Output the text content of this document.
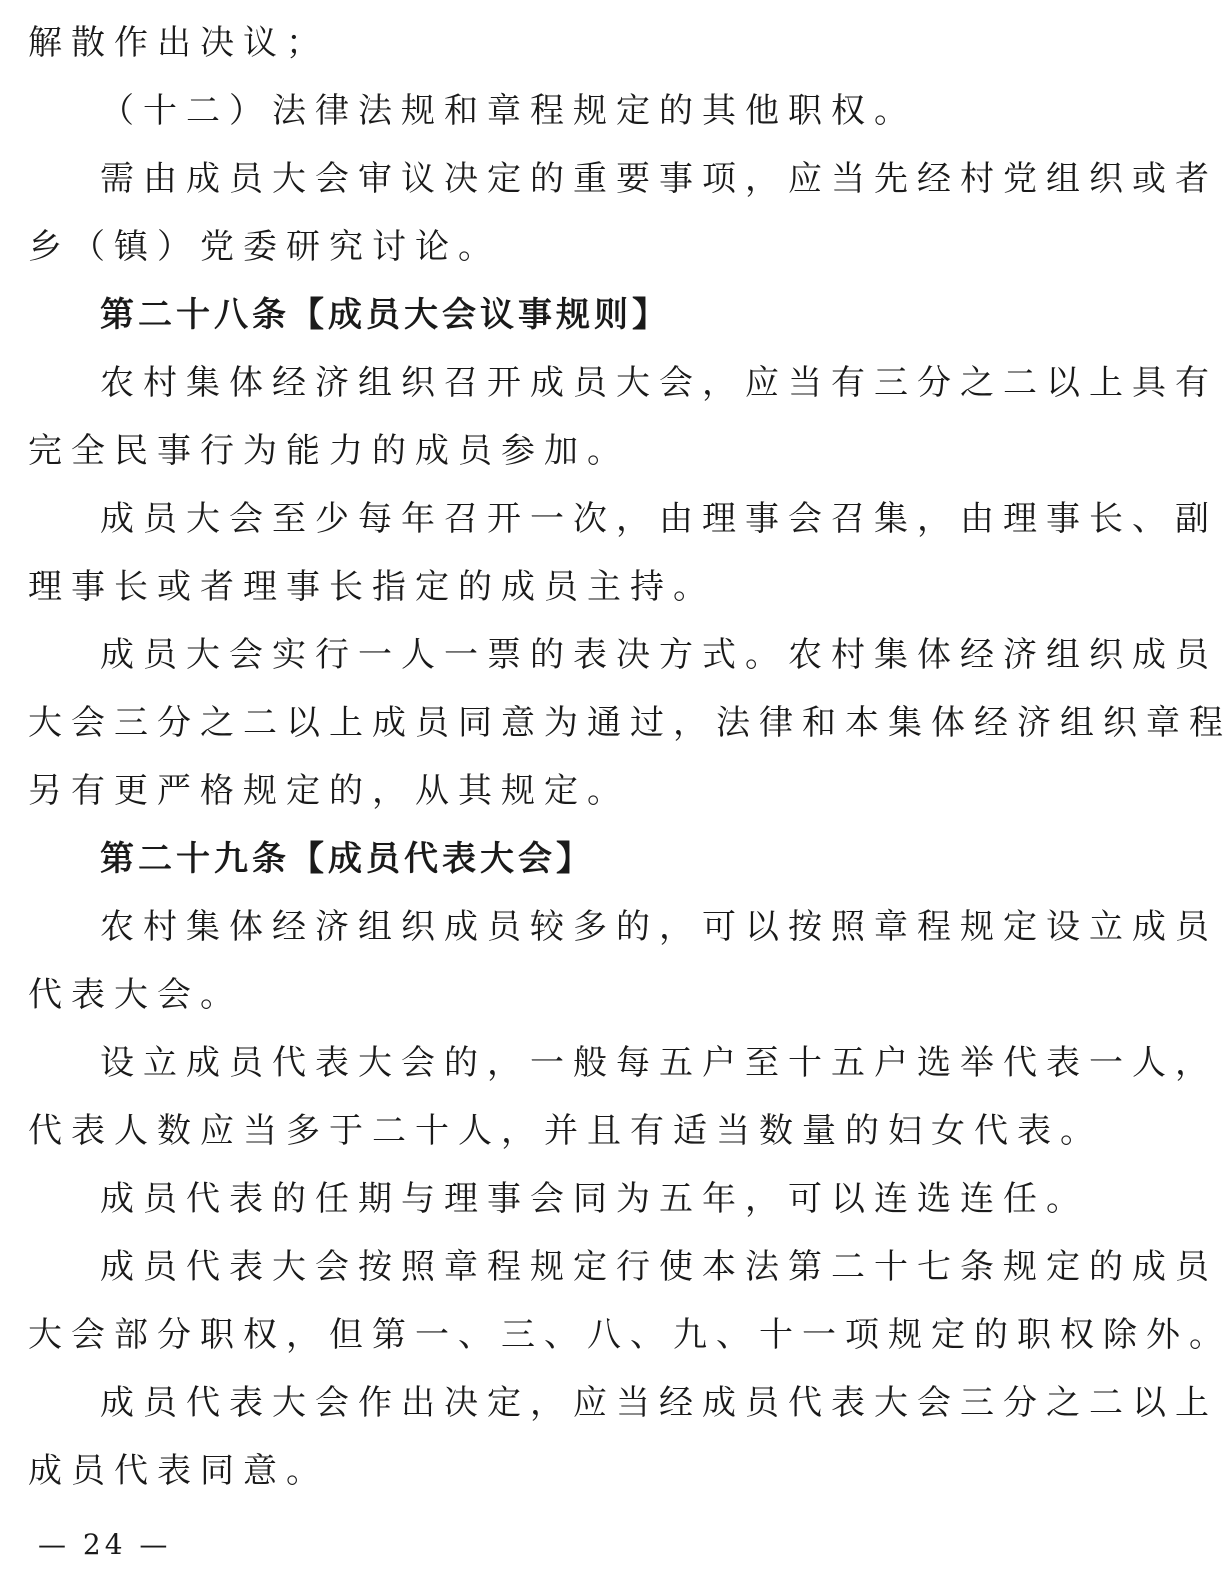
解散作出决议；
（十二）法律法规和章程规定的其他职权。
需由成员大会审议决定的重要事项，应当先经村党组织或者
乡（镇）党委研究讨论。
第二十八条【成员大会议事规则】
农村集体经济组织召开成员大会，应当有三分之二以上具有
完全民事行为能力的成员参加。
成员大会至少每年召开一次，由理事会召集，由理事长、副
理事长或者理事长指定的成员主持。
成员大会实行一人一票的表决方式。农村集体经济组织成员
大会三分之二以上成员同意为通过，法律和本集体经济组织章程
另有更严格规定的，从其规定。
第二十九条【成员代表大会】
农村集体经济组织成员较多的，可以按照章程规定设立成员
代表大会。
设立成员代表大会的，一般每五户至十五户选举代表一人，
代表人数应当多于二十人，并且有适当数量的妇女代表。
成员代表的任期与理事会同为五年，可以连选连任。
成员代表大会按照章程规定行使本法第二十七条规定的成员
大会部分职权，但第一、三、八、九、十一项规定的职权除外。
成员代表大会作出决定，应当经成员代表大会三分之二以上
成员代表同意。
— 24 —
